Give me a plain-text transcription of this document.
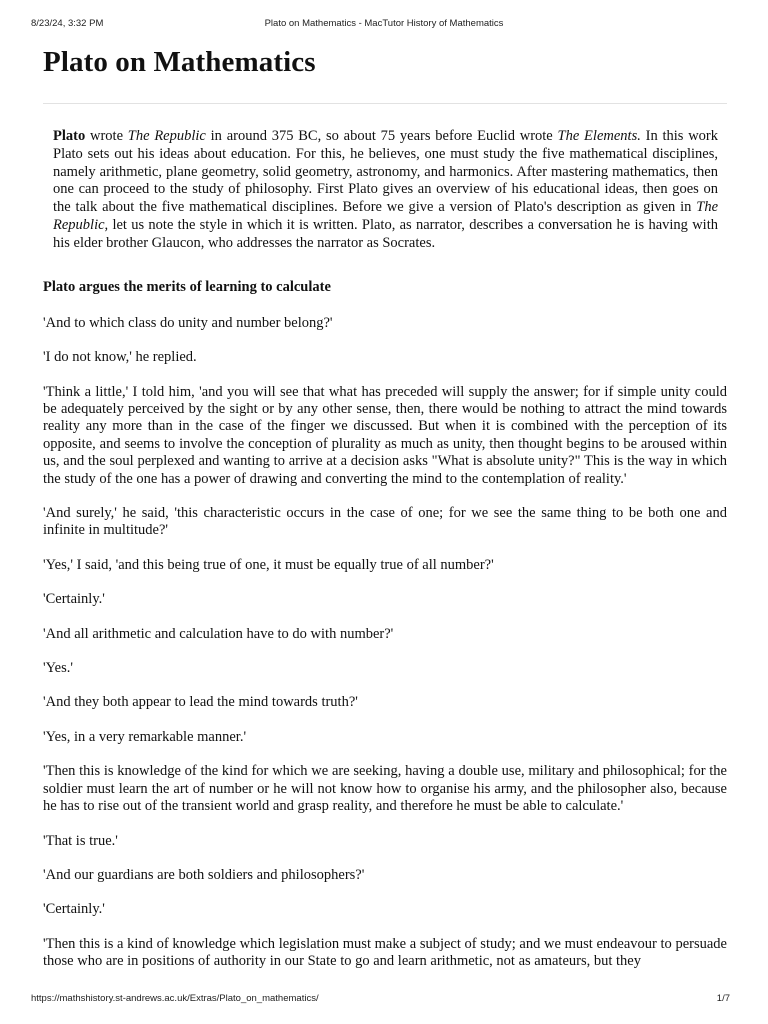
8/23/24, 3:32 PM	Plato on Mathematics - MacTutor History of Mathematics
Plato on Mathematics

Plato wrote The Republic in around 375 BC, so about 75 years before Euclid wrote The Elements. In this work Plato sets out his ideas about education. For this, he believes, one must study the five mathematical disciplines, namely arithmetic, plane geometry, solid geometry, astronomy, and harmonics. After mastering mathematics, then one can proceed to the study of philosophy. First Plato gives an overview of his educational ideas, then goes on the talk about the five mathematical disciplines. Before we give a version of Plato's description as given in The Republic, let us note the style in which it is written. Plato, as narrator, describes a conversation he is having with his elder brother Glaucon, who addresses the narrator as Socrates.

Plato argues the merits of learning to calculate

'And to which class do unity and number belong?'

'I do not know,' he replied.

'Think a little,' I told him, 'and you will see that what has preceded will supply the answer; for if simple unity could be adequately perceived by the sight or by any other sense, then, there would be nothing to attract the mind towards reality any more than in the case of the finger we discussed. But when it is combined with the perception of its opposite, and seems to involve the conception of plurality as much as unity, then thought begins to be aroused within us, and the soul perplexed and wanting to arrive at a decision asks "What is absolute unity?" This is the way in which the study of the one has a power of drawing and converting the mind to the contemplation of reality.'

'And surely,' he said, 'this characteristic occurs in the case of one; for we see the same thing to be both one and infinite in multitude?'

'Yes,' I said, 'and this being true of one, it must be equally true of all number?'

'Certainly.'

'And all arithmetic and calculation have to do with number?'

'Yes.'

'And they both appear to lead the mind towards truth?'

'Yes, in a very remarkable manner.'

'Then this is knowledge of the kind for which we are seeking, having a double use, military and philosophical; for the soldier must learn the art of number or he will not know how to organise his army, and the philosopher also, because he has to rise out of the transient world and grasp reality, and therefore he must be able to calculate.'

'That is true.'

'And our guardians are both soldiers and philosophers?'

'Certainly.'

'Then this is a kind of knowledge which legislation must make a subject of study; and we must endeavour to persuade those who are in positions of authority in our State to go and learn arithmetic, not as amateurs, but they

https://mathshistory.st-andrews.ac.uk/Extras/Plato_on_mathematics/	1/7
